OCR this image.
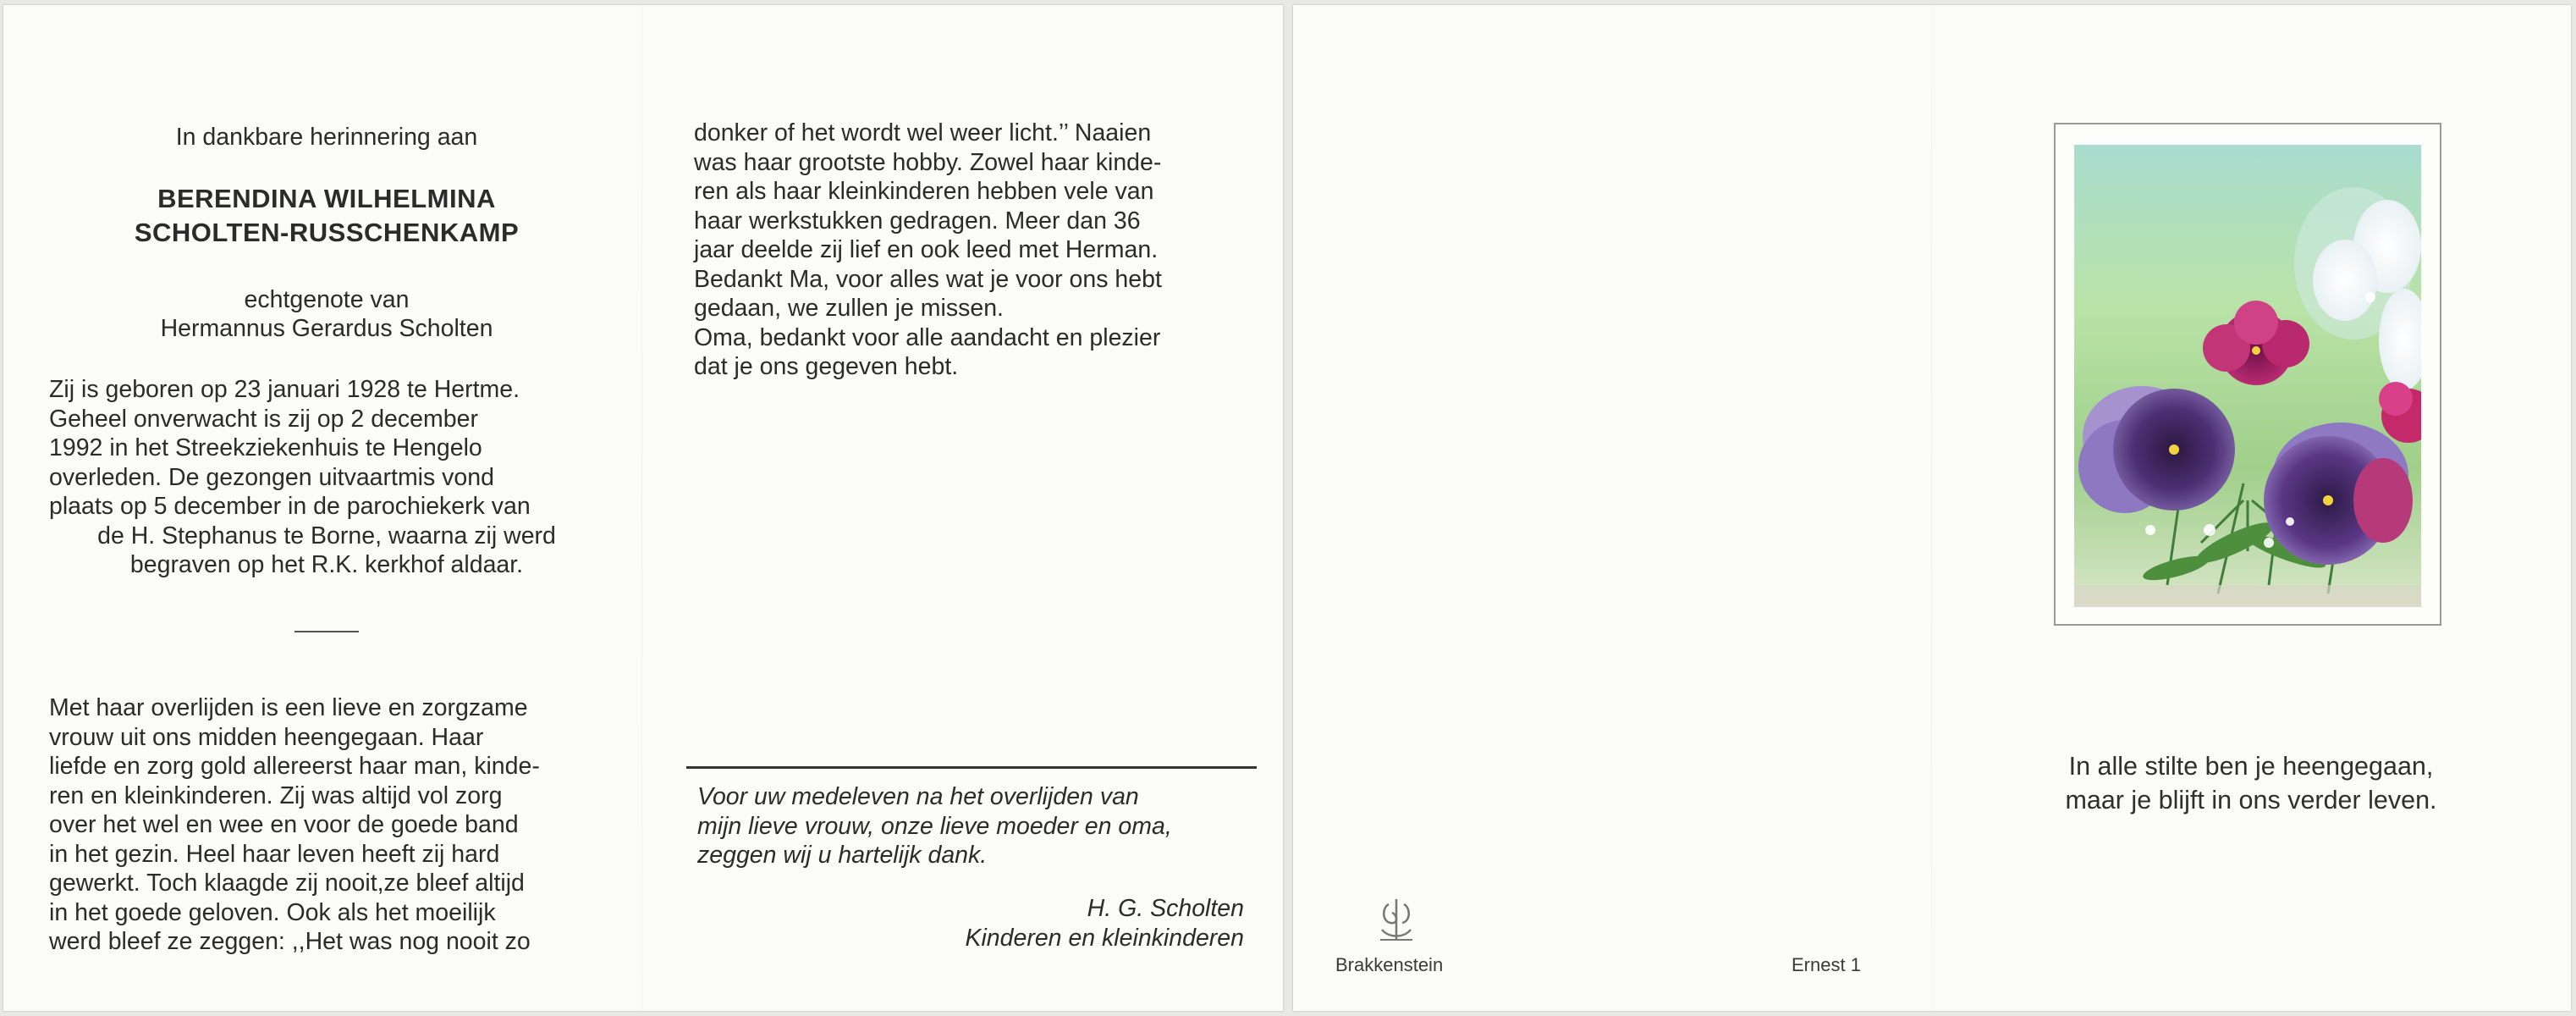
In dankbare herinnering aan
BERENDINA WILHELMINA
SCHOLTEN-RUSSCHENKAMP
echtgenote van
Hermannus Gerardus Scholten
Zij is geboren op 23 januari 1928 te Hertme.
Geheel onverwacht is zij op 2 december
1992 in het Streekziekenhuis te Hengelo
overleden. De gezongen uitvaartmis vond
plaats op 5 december in de parochiekerk van
de H. Stephanus te Borne, waarna zij werd
begraven op het R.K. kerkhof aldaar.
Met haar overlijden is een lieve en zorgzame
vrouw uit ons midden heengegaan. Haar
liefde en zorg gold allereerst haar man, kinde-
ren en kleinkinderen. Zij was altijd vol zorg
over het wel en wee en voor de goede band
in het gezin. Heel haar leven heeft zij hard
gewerkt. Toch klaagde zij nooit,ze bleef altijd
in het goede geloven. Ook als het moeilijk
werd bleef ze zeggen: ,,Het was nog nooit zo
donker of het wordt wel weer licht.’’ Naaien
was haar grootste hobby. Zowel haar kinde-
ren als haar kleinkinderen hebben vele van
haar werkstukken gedragen. Meer dan 36
jaar deelde zij lief en ook leed met Herman.
Bedankt Ma, voor alles wat je voor ons hebt
gedaan, we zullen je missen.
Oma, bedankt voor alle aandacht en plezier
dat je ons gegeven hebt.
Voor uw medeleven na het overlijden van
mijn lieve vrouw, onze lieve moeder en oma,
zeggen wij u hartelijk dank.
H. G. Scholten
Kinderen en kleinkinderen
Brakkenstein	Ernest 1
In alle stilte ben je heengegaan,
maar je blijft in ons verder leven.
